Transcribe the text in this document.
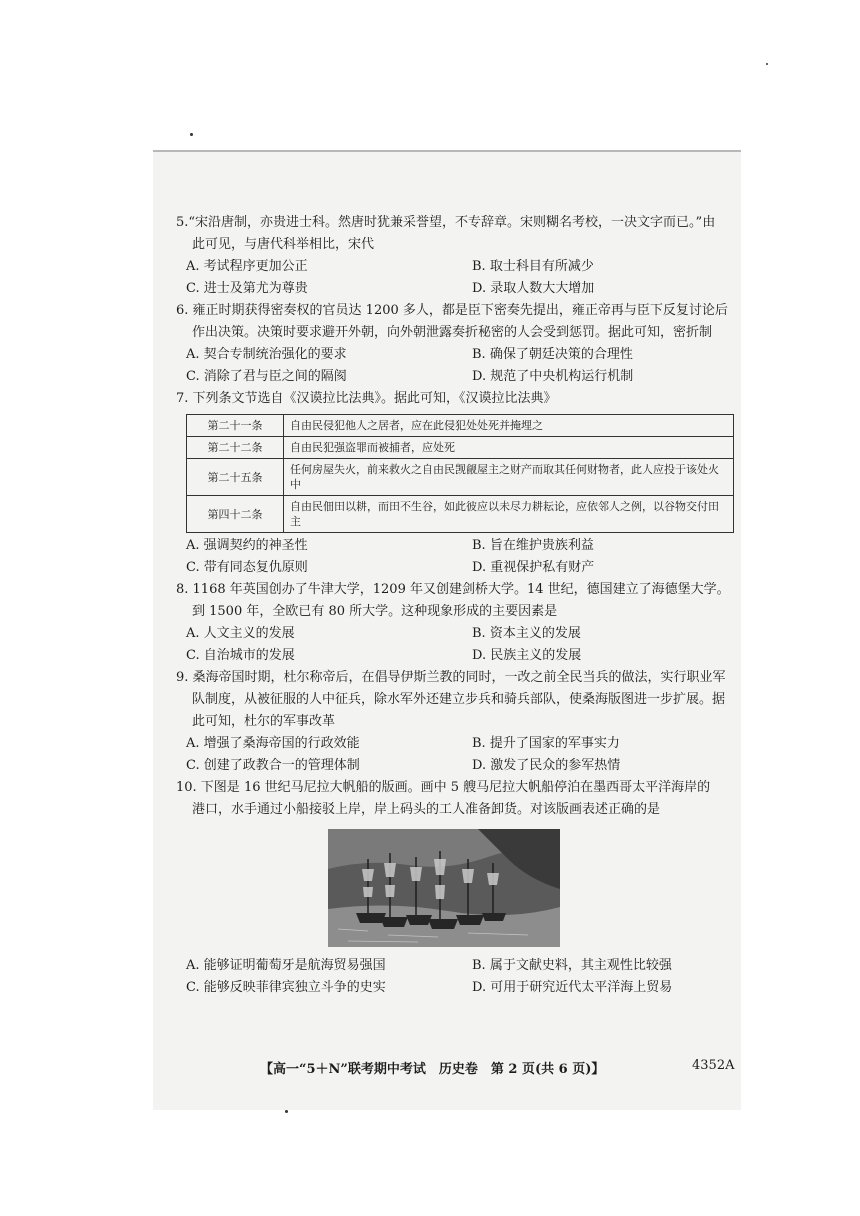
5.“宋沿唐制，亦贵进士科。然唐时犹兼采誉望，不专辞章。宋则糊名考校，一决文字而已。”由
此可见，与唐代科举相比，宋代
A. 考试程序更加公正	B. 取士科目有所减少
C. 进士及第尤为尊贵	D. 录取人数大大增加
6. 雍正时期获得密奏权的官员达 1200 多人，都是臣下密奏先提出，雍正帝再与臣下反复讨论后
作出决策。决策时要求避开外朝，向外朝泄露奏折秘密的人会受到惩罚。据此可知，密折制
A. 契合专制统治强化的要求	B. 确保了朝廷决策的合理性
C. 消除了君与臣之间的隔阂	D. 规范了中央机构运行机制
7. 下列条文节选自《汉谟拉比法典》。据此可知，《汉谟拉比法典》
第二十一条	自由民侵犯他人之居者，应在此侵犯处处死并掩埋之
第二十二条	自由民犯强盗罪而被捕者，应处死
第二十五条	任何房屋失火，前来救火之自由民觊觎屋主之财产而取其任何财物者，此人应投于该处火中
第四十二条	自由民佃田以耕，而田不生谷，如此彼应以未尽力耕耘论，应依邻人之例，以谷物交付田主
A. 强调契约的神圣性	B. 旨在维护贵族利益
C. 带有同态复仇原则	D. 重视保护私有财产
8. 1168 年英国创办了牛津大学，1209 年又创建剑桥大学。14 世纪，德国建立了海德堡大学。
到 1500 年，全欧已有 80 所大学。这种现象形成的主要因素是
A. 人文主义的发展	B. 资本主义的发展
C. 自治城市的发展	D. 民族主义的发展
9. 桑海帝国时期，杜尔称帝后，在倡导伊斯兰教的同时，一改之前全民当兵的做法，实行职业军
队制度，从被征服的人中征兵，除水军外还建立步兵和骑兵部队，使桑海版图进一步扩展。据
此可知，杜尔的军事改革
A. 增强了桑海帝国的行政效能	B. 提升了国家的军事实力
C. 创建了政教合一的管理体制	D. 激发了民众的参军热情
10. 下图是 16 世纪马尼拉大帆船的版画。画中 5 艘马尼拉大帆船停泊在墨西哥太平洋海岸的
港口，水手通过小船接驳上岸，岸上码头的工人准备卸货。对该版画表述正确的是
A. 能够证明葡萄牙是航海贸易强国	B. 属于文献史料，其主观性比较强
C. 能够反映菲律宾独立斗争的史实	D. 可用于研究近代太平洋海上贸易
【高一“5＋N”联考期中考试　历史卷　第 2 页(共 6 页)】	4352A
